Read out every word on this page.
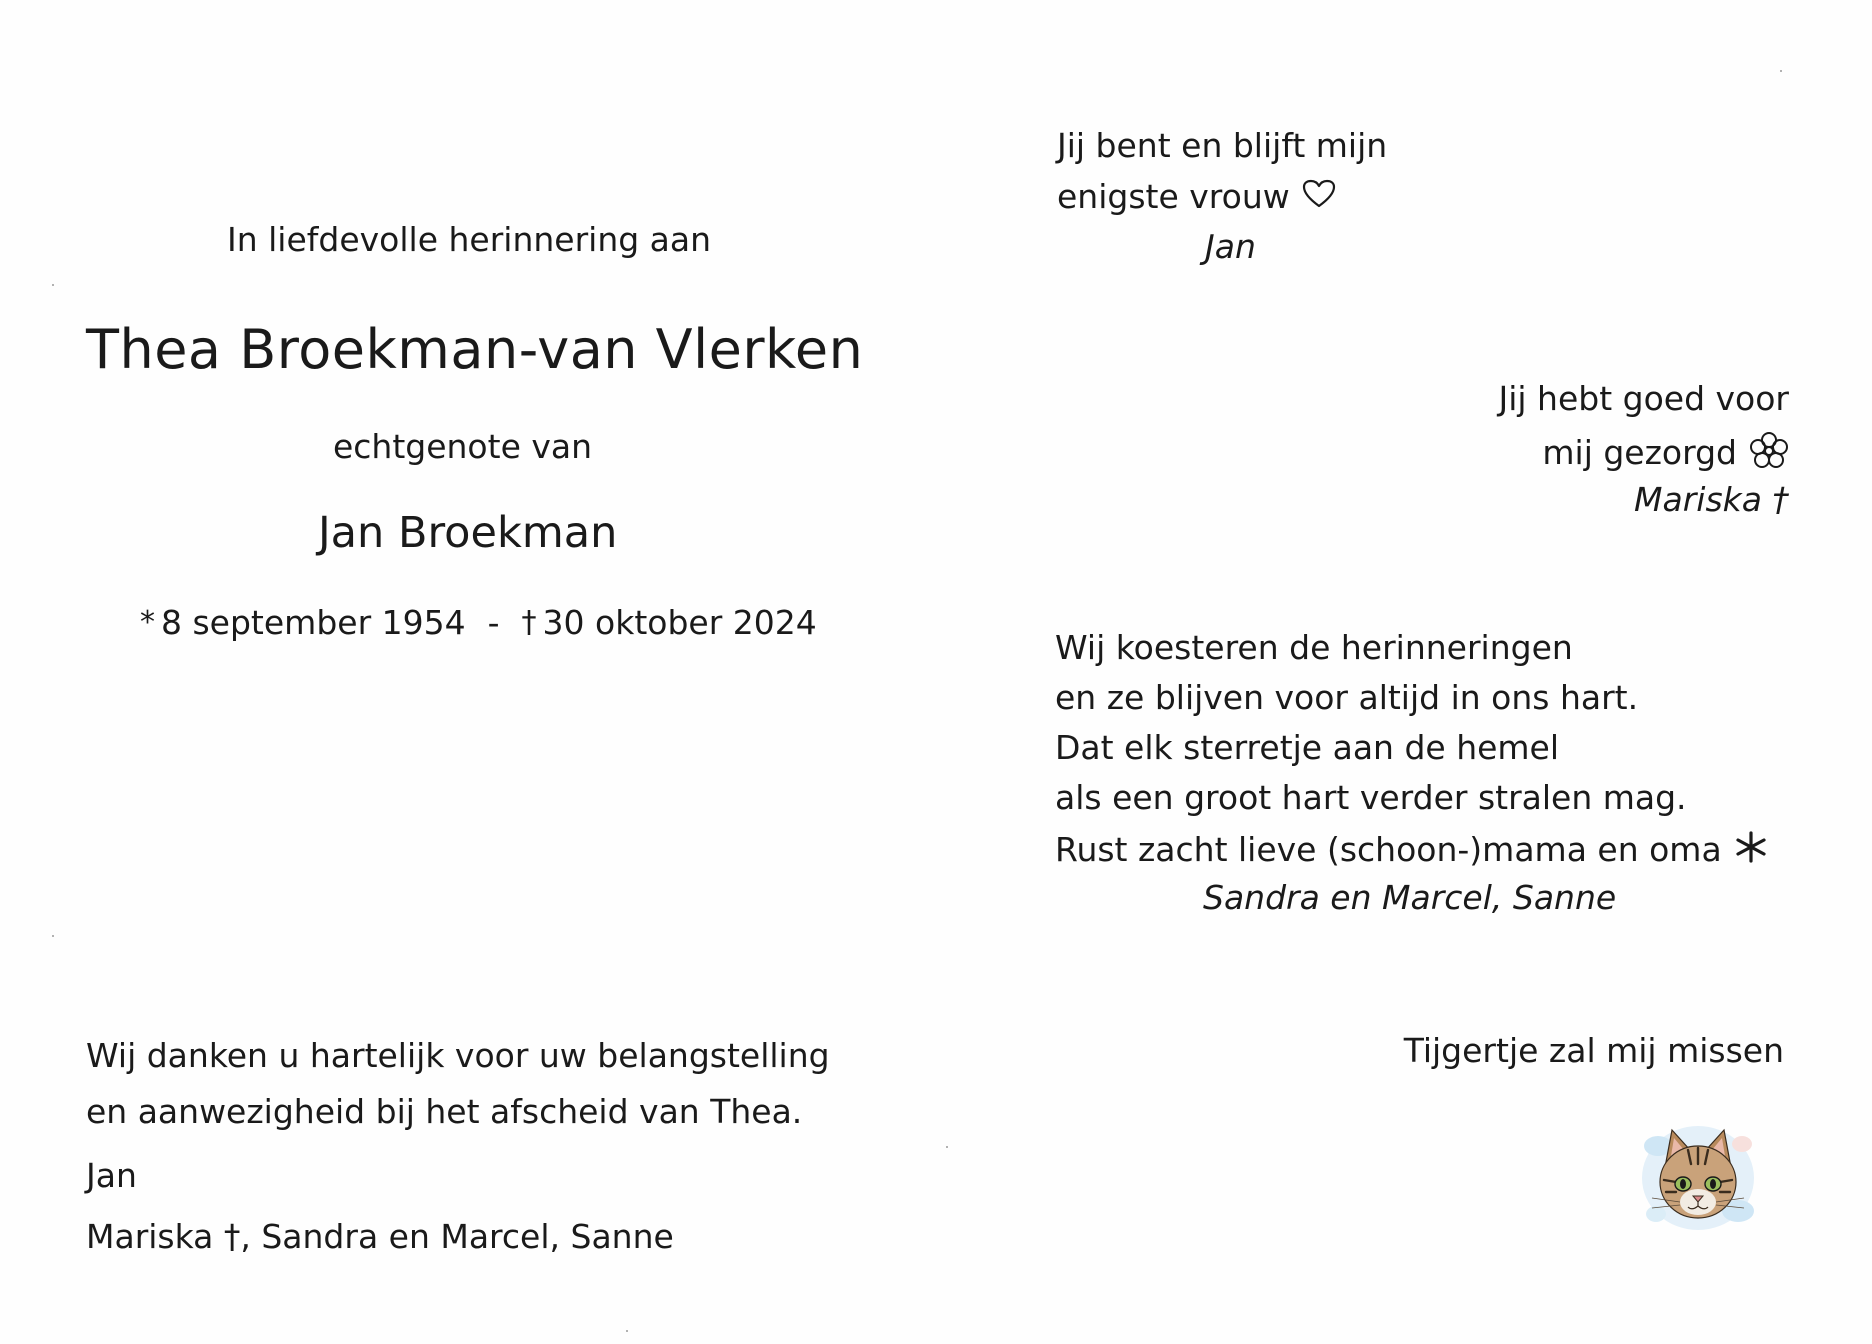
In liefdevolle herinnering aan
Thea Broekman-van Vlerken
echtgenote van
Jan Broekman
* 8 september 1954 - † 30 oktober 2024
Wij danken u hartelijk voor uw belangstelling
en aanwezigheid bij het afscheid van Thea.
Jan
Mariska †, Sandra en Marcel, Sanne
Jij bent en blijft mijn
enigste vrouw
Jan
Jij hebt goed voor
mij gezorgd
Mariska †
Wij koesteren de herinneringen
en ze blijven voor altijd in ons hart.
Dat elk sterretje aan de hemel
als een groot hart verder stralen mag.
Rust zacht lieve (schoon-)mama en oma
Sandra en Marcel, Sanne
Tijgertje zal mij missen
